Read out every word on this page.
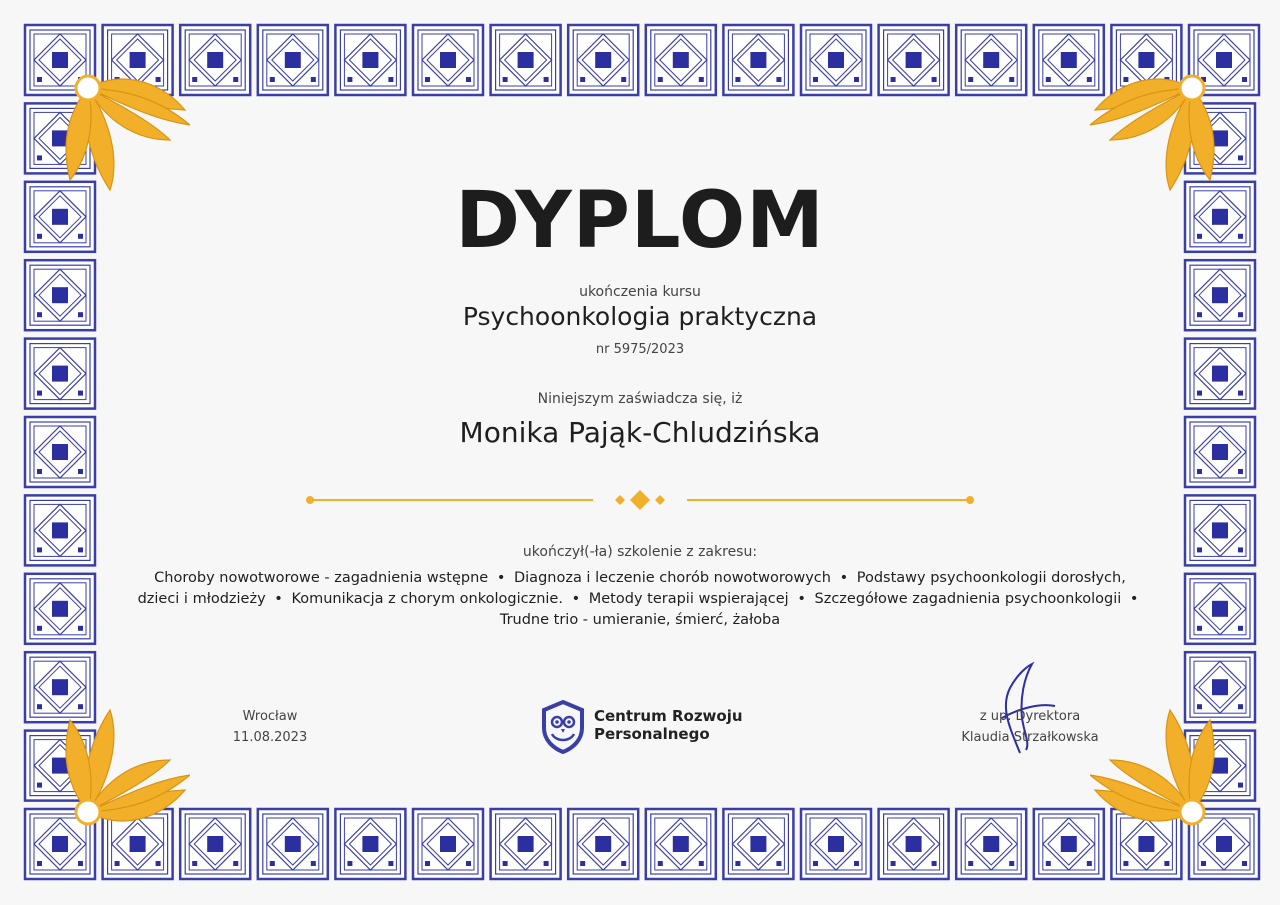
DYPLOM
ukończenia kursu
Psychoonkologia praktyczna
nr 5975/2023
Niniejszym zaświadcza się, iż
Monika Pająk-Chludzińska
ukończył(-ła) szkolenie z zakresu:
Choroby nowotworowe - zagadnienia wstępne • Diagnoza i leczenie chorób nowotworowych • Podstawy psychoonkologii dorosłych, dzieci i młodzieży • Komunikacja z chorym onkologicznie. • Metody terapii wspierającej • Szczegółowe zagadnienia psychoonkologii • Trudne trio - umieranie, śmierć, żałoba
Wrocław
11.08.2023
Centrum Rozwoju
Personalnego
z up. Dyrektora
Klaudia Strzałkowska
